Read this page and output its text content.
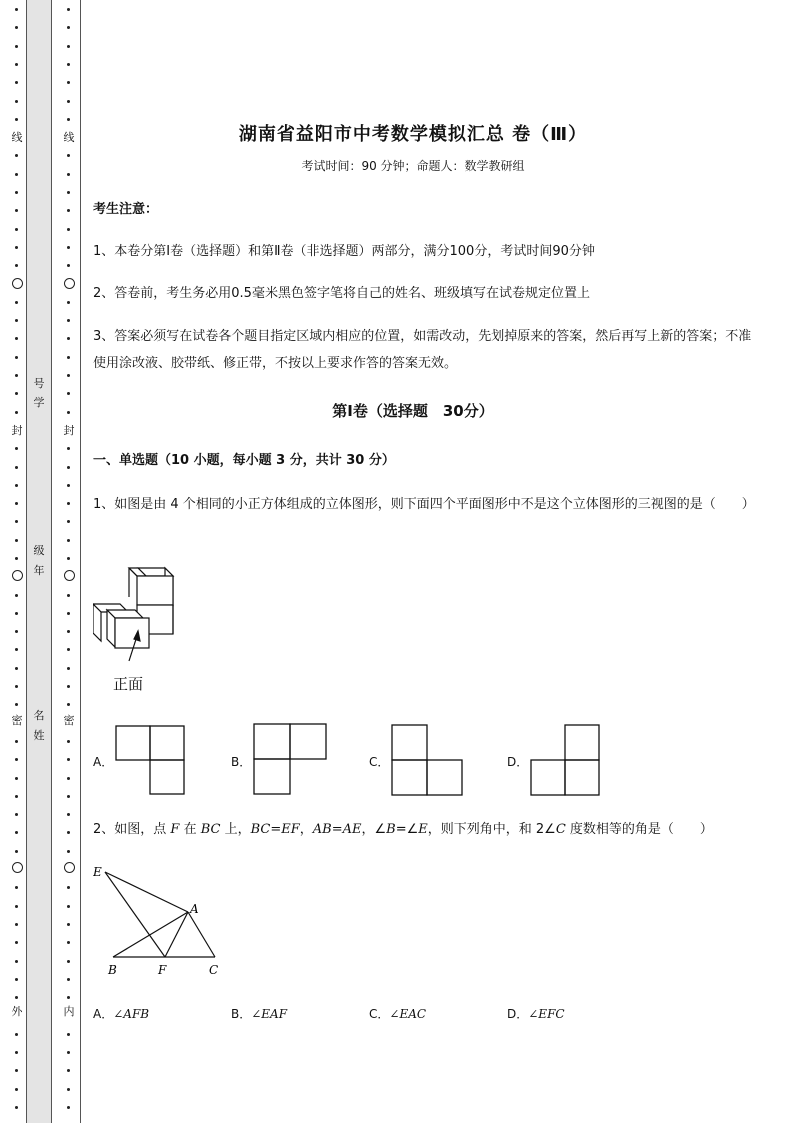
线
封
密
外
号
学
级
年
名
姓
线
封
密
内
湖南省益阳市中考数学模拟汇总 卷（Ⅲ）
考试时间：90 分钟；命题人：数学教研组
考生注意：
1、本卷分第Ⅰ卷（选择题）和第Ⅱ卷（非选择题）两部分，满分100分，考试时间90分钟
2、答卷前，考生务必用0.5毫米黑色签字笔将自己的姓名、班级填写在试卷规定位置上
3、答案必须写在试卷各个题目指定区域内相应的位置，如需改动，先划掉原来的答案，然后再写上新的答案；不准使用涂改液、胶带纸、修正带，不按以上要求作答的答案无效。
第Ⅰ卷（选择题　30分）
一、单选题（10 小题，每小题 3 分，共计 30 分）
1、如图是由 4 个相同的小正方体组成的立体图形，则下面四个平面图形中不是这个立体图形的三视图的是（　　）
正面
A．	B．	C．	D．
2、如图，点 F 在 BC 上，BC=EF，AB=AE，∠B=∠E，则下列角中，和 2∠C 度数相等的角是（　　）
E
A
B	F	C
A．∠AFB	B．∠EAF	C．∠EAC	D．∠EFC
